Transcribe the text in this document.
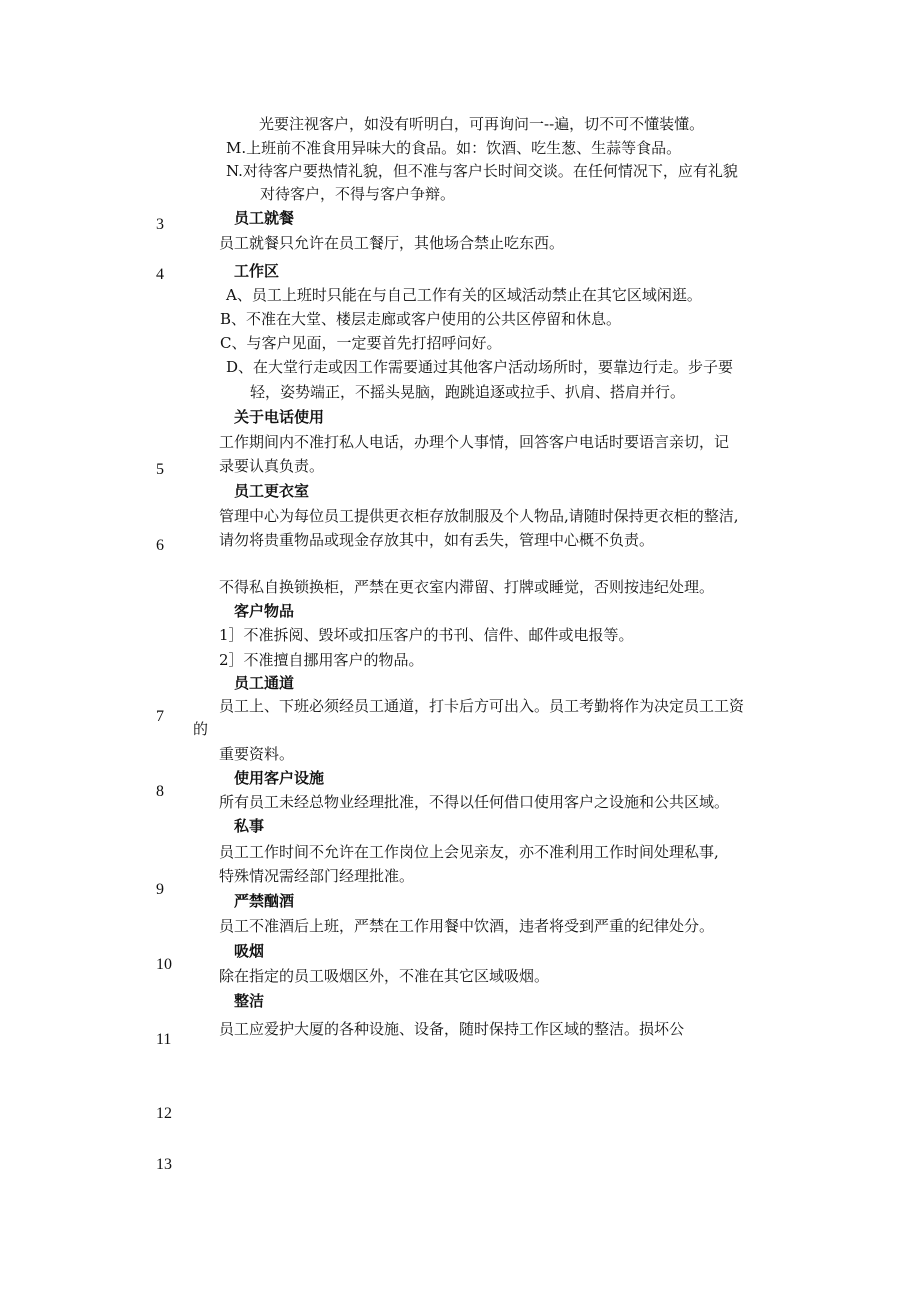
光要注视客户，如没有听明白，可再询问一--遍，切不可不懂装懂。
M.上班前不准食用异味大的食品。如：饮酒、吃生葱、生蒜等食品。
N.对待客户要热情礼貌，但不准与客户长时间交谈。在任何情况下，应有礼貌
对待客户，不得与客户争辩。
3	员工就餐
员工就餐只允许在员工餐厅，其他场合禁止吃东西。
4	工作区
A、员工上班时只能在与自己工作有关的区域活动禁止在其它区域闲逛。
B、不准在大堂、楼层走廊或客户使用的公共区停留和休息。
C、与客户见面，一定要首先打招呼问好。
D、在大堂行走或因工作需要通过其他客户活动场所时，要靠边行走。步子要
轻，姿势端正，不摇头晃脑，跑跳追逐或拉手、扒肩、搭肩并行。
关于电话使用
工作期间内不准打私人电话，办理个人事情，回答客户电话时要语言亲切，记
5	录要认真负责。
员工更衣室
管理中心为每位员工提供更衣柜存放制服及个人物品,请随时保持更衣柜的整洁,
6	请勿将贵重物品或现金存放其中，如有丢失，管理中心概不负责。
不得私自换锁换柜，严禁在更衣室内滞留、打牌或睡觉，否则按违纪处理。
客户物品
1］不准拆阅、毁坏或扣压客户的书刊、信件、邮件或电报等。
2］不准擅自挪用客户的物品。
员工通道
员工上、下班必须经员工通道，打卡后方可出入。员工考勤将作为决定员工工资
7
的
重要资料。
使用客户设施
8
所有员工未经总物业经理批准，不得以任何借口使用客户之设施和公共区域。
私事
员工工作时间不允许在工作岗位上会见亲友，亦不准利用工作时间处理私事,
特殊情况需经部门经理批准。
9
严禁酗酒
员工不准酒后上班，严禁在工作用餐中饮酒，违者将受到严重的纪律处分。
吸烟
10
除在指定的员工吸烟区外，不准在其它区域吸烟。
整洁
员工应爱护大厦的各种设施、设备，随时保持工作区域的整洁。损坏公
11
12
13
